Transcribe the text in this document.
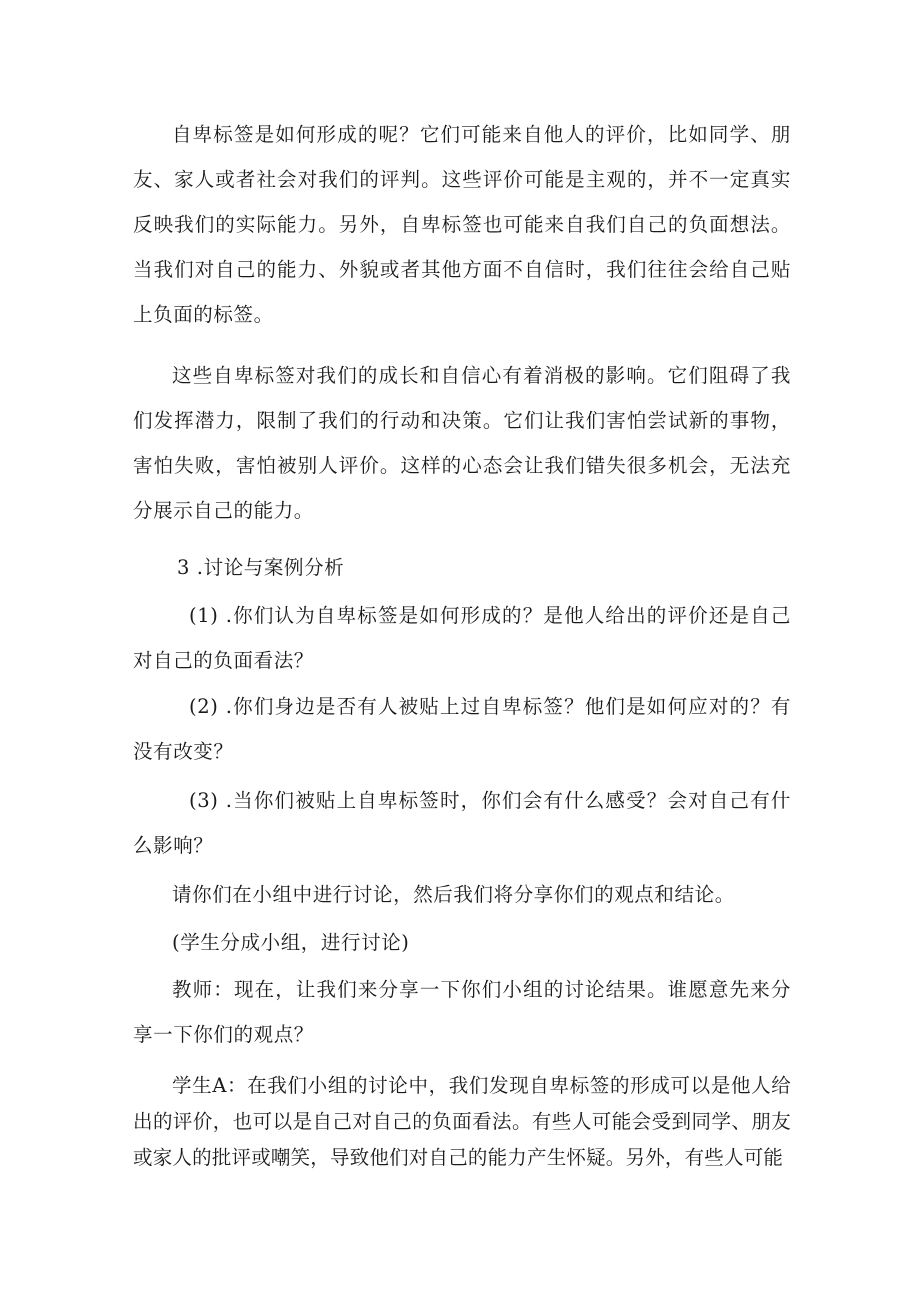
自卑标签是如何形成的呢？它们可能来自他人的评价，比如同学、朋友、家人或者社会对我们的评判。这些评价可能是主观的，并不一定真实反映我们的实际能力。另外，自卑标签也可能来自我们自己的负面想法。当我们对自己的能力、外貌或者其他方面不自信时，我们往往会给自己贴上负面的标签。

这些自卑标签对我们的成长和自信心有着消极的影响。它们阻碍了我们发挥潜力，限制了我们的行动和决策。它们让我们害怕尝试新的事物，害怕失败，害怕被别人评价。这样的心态会让我们错失很多机会，无法充分展示自己的能力。

3 .讨论与案例分析

(1) .你们认为自卑标签是如何形成的？是他人给出的评价还是自己对自己的负面看法？

(2) .你们身边是否有人被贴上过自卑标签？他们是如何应对的？有没有改变？

(3) .当你们被贴上自卑标签时，你们会有什么感受？会对自己有什么影响？

请你们在小组中进行讨论，然后我们将分享你们的观点和结论。

(学生分成小组，进行讨论)

教师：现在，让我们来分享一下你们小组的讨论结果。谁愿意先来分享一下你们的观点？

学生A：在我们小组的讨论中，我们发现自卑标签的形成可以是他人给出的评价，也可以是自己对自己的负面看法。有些人可能会受到同学、朋友或家人的批评或嘲笑，导致他们对自己的能力产生怀疑。另外，有些人可能
